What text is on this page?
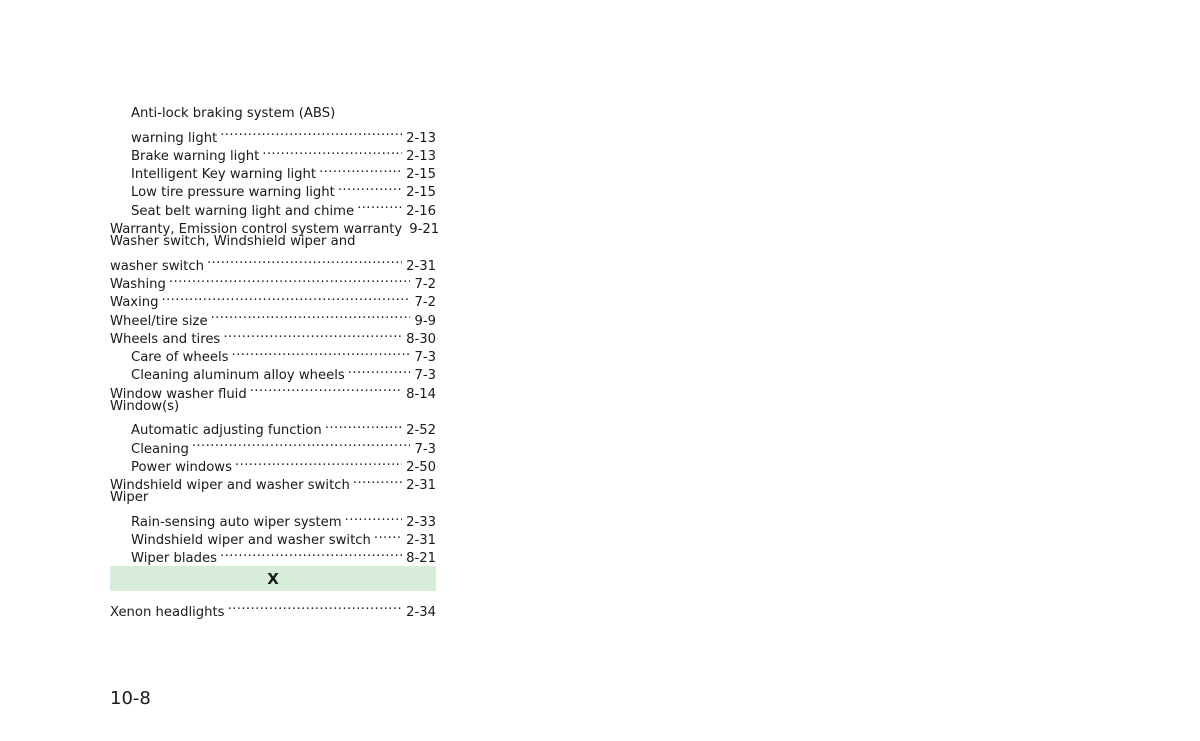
Anti-lock braking system (ABS)
warning light .....	2-13
Brake warning light .....	2-13
Intelligent Key warning light .....	2-15
Low tire pressure warning light .....	2-15
Seat belt warning light and chime .....	2-16
Warranty, Emission control system warranty 9-21
Washer switch, Windshield wiper and
washer switch .....	2-31
Washing .....	7-2
Waxing .....	7-2
Wheel/tire size .....	9-9
Wheels and tires .....	8-30
Care of wheels .....	7-3
Cleaning aluminum alloy wheels .....	7-3
Window washer fluid .....	8-14
Window(s)
Automatic adjusting function .....	2-52
Cleaning .....	7-3
Power windows .....	2-50
Windshield wiper and washer switch .....	2-31
Wiper
Rain-sensing auto wiper system .....	2-33
Windshield wiper and washer switch .....	2-31
Wiper blades .....	8-21
X
Xenon headlights .....	2-34
10-8
